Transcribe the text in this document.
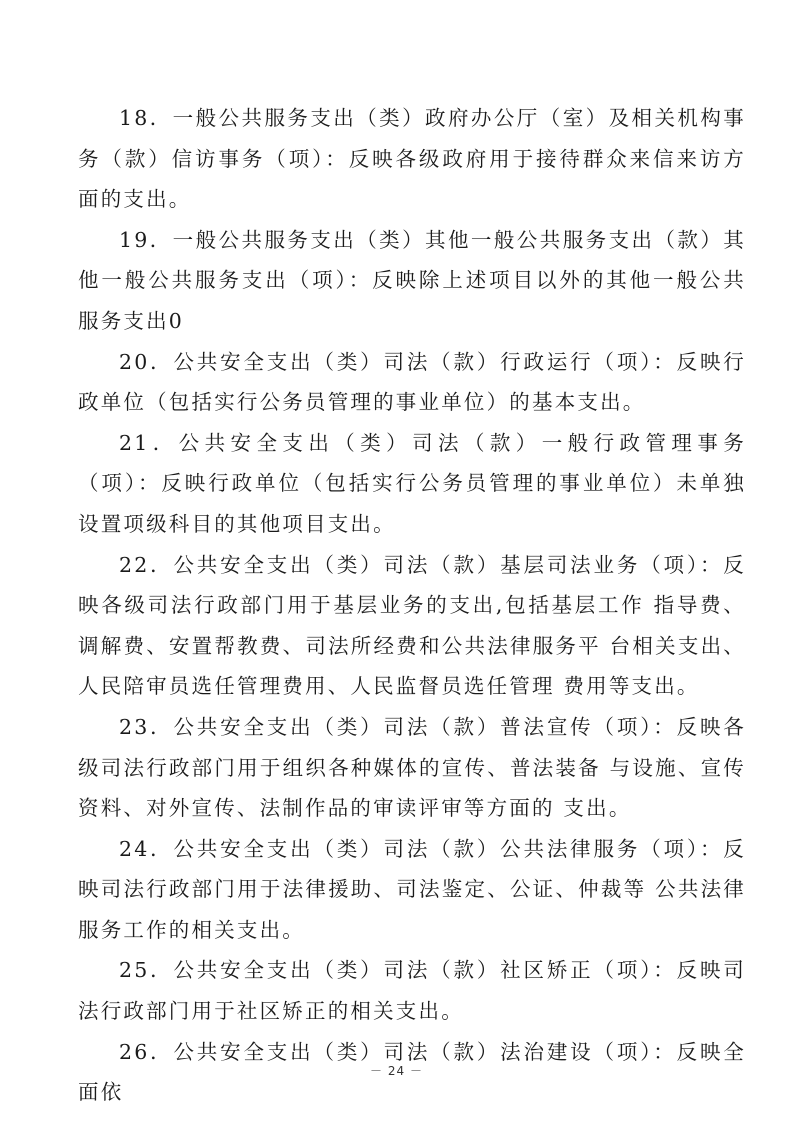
18．一般公共服务支出（类）政府办公厅（室）及相关机构事务（款）信访事务（项）：反映各级政府用于接待群众来信来访方面的支出。

19．一般公共服务支出（类）其他一般公共服务支出（款）其他一般公共服务支出（项）：反映除上述项目以外的其他一般公共服务支出0

20．公共安全支出（类）司法（款）行政运行（项）：反映行政单位（包括实行公务员管理的事业单位）的基本支出。

21．公共安全支出（类）司法（款）一般行政管理事务（项）：反映行政单位（包括实行公务员管理的事业单位）未单独 设置项级科目的其他项目支出。

22．公共安全支出（类）司法（款）基层司法业务（项）：反映各级司法行政部门用于基层业务的支出,包括基层工作 指导费、调解费、安置帮教费、司法所经费和公共法律服务平 台相关支出、人民陪审员选任管理费用、人民监督员选任管理 费用等支出。

23．公共安全支出（类）司法（款）普法宣传（项）：反映各级司法行政部门用于组织各种媒体的宣传、普法装备 与设施、宣传资料、对外宣传、法制作品的审读评审等方面的 支出。

24．公共安全支出（类）司法（款）公共法律服务（项）：反映司法行政部门用于法律援助、司法鉴定、公证、仲裁等 公共法律服务工作的相关支出。

25．公共安全支出（类）司法（款）社区矫正（项）：反映司法行政部门用于社区矫正的相关支出。

26．公共安全支出（类）司法（款）法治建设（项）：反映全面依

－ 24 －
